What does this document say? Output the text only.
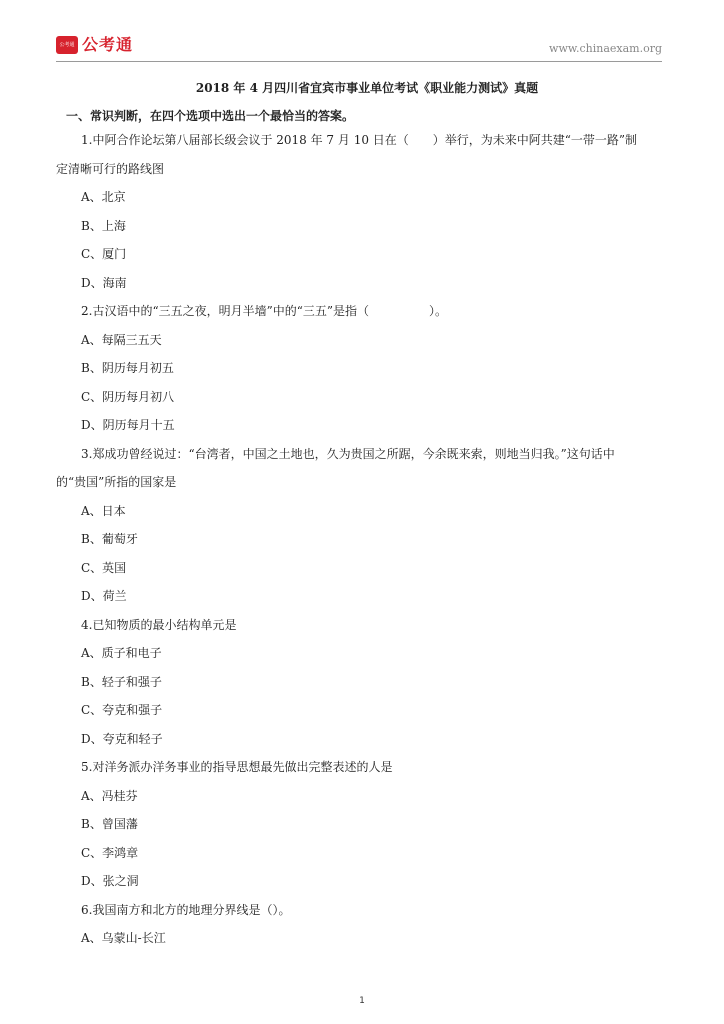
公考通 公考通	www.chinaexam.org
2018 年 4 月四川省宜宾市事业单位考试《职业能力测试》真题
一、常识判断，在四个选项中选出一个最恰当的答案。
1.中阿合作论坛第八届部长级会议于 2018 年 7 月 10 日在（　　）举行，为未来中阿共建“一带一路”制
定清晰可行的路线图
A、北京
B、上海
C、厦门
D、海南
2.古汉语中的“三五之夜，明月半墙”中的“三五”是指（　　　　　）。
A、每隔三五天
B、阴历每月初五
C、阴历每月初八
D、阴历每月十五
3.郑成功曾经说过：“台湾者，中国之土地也，久为贵国之所踞，今余既来索，则地当归我。”这句话中
的“贵国”所指的国家是
A、日本
B、葡萄牙
C、英国
D、荷兰
4.已知物质的最小结构单元是
A、质子和电子
B、轻子和强子
C、夸克和强子
D、夸克和轻子
5.对洋务派办洋务事业的指导思想最先做出完整表述的人是
A、冯桂芬
B、曾国藩
C、李鸿章
D、张之洞
6.我国南方和北方的地理分界线是（）。
A、乌蒙山-长江
1
